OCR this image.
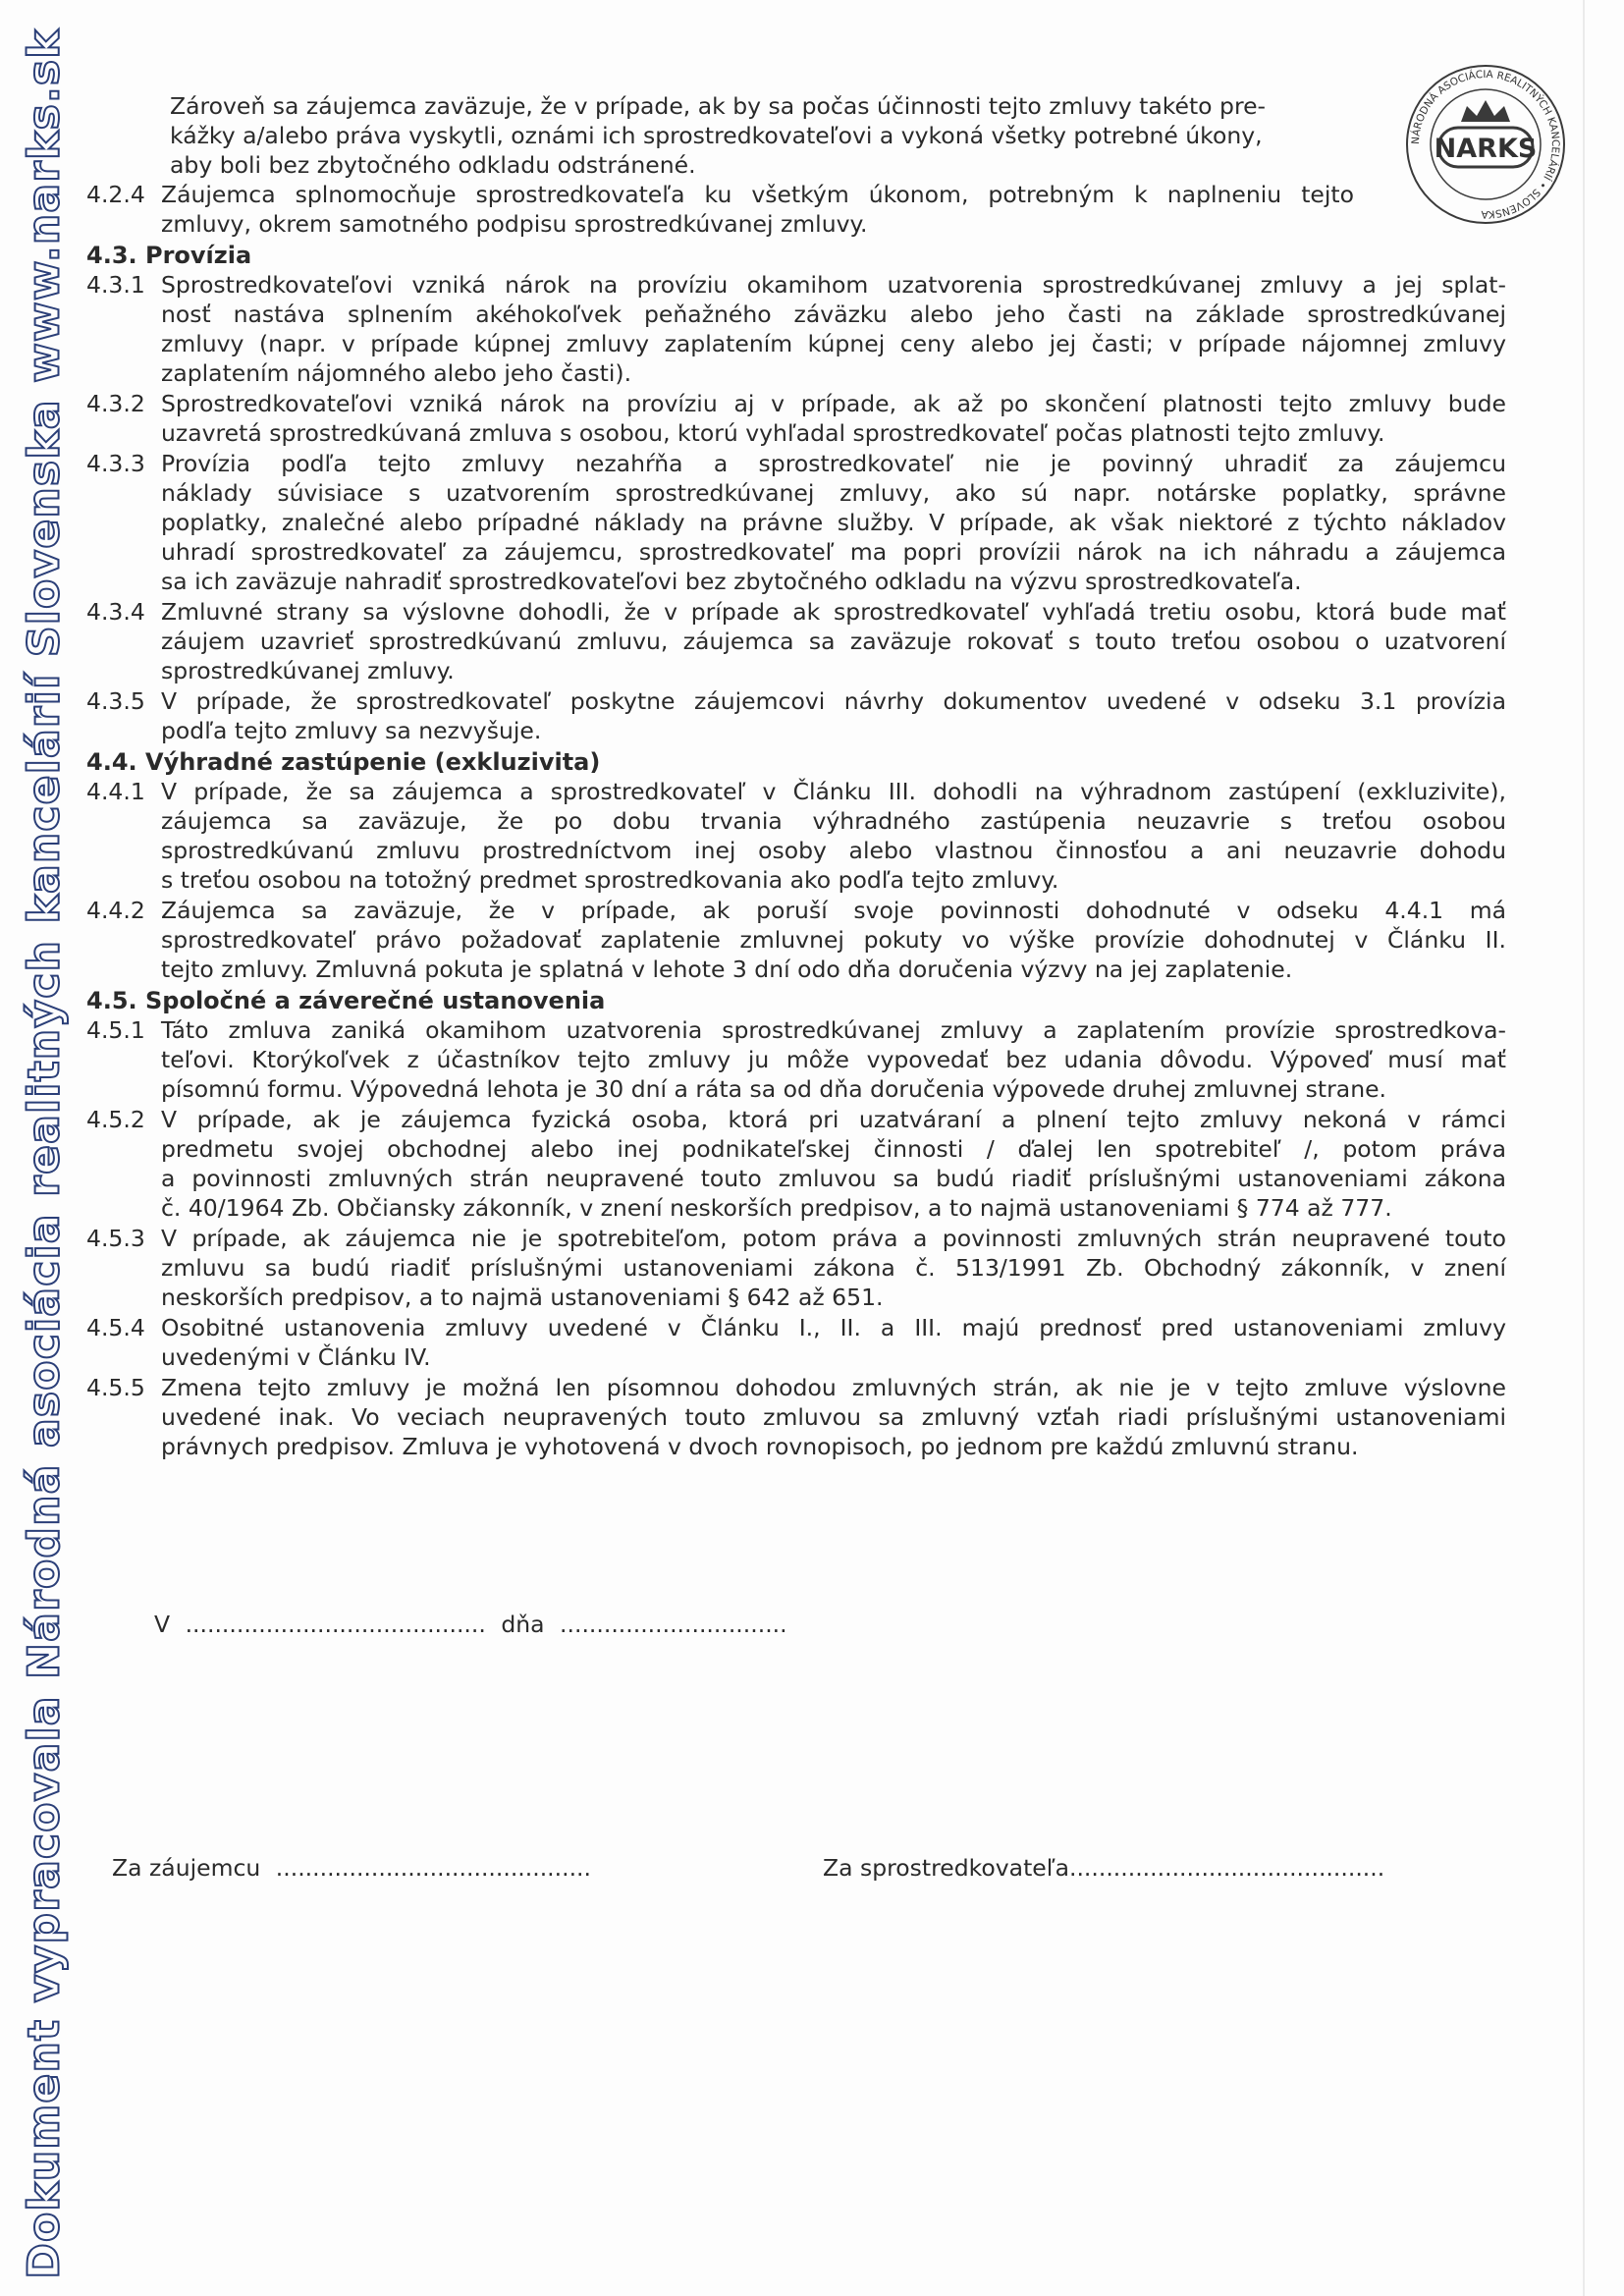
Dokument vypracovala Národná asociácia realitných kancelárií Slovenska www.narks.sk	NARKS
NÁRODNÁ ASOCIÁCIA REALITNÝCH KANCELÁRIÍ • SLOVENSKA
Zároveň sa záujemca zaväzuje, že v prípade, ak by sa počas účinnosti tejto zmluvy takéto pre-
kážky a/alebo práva vyskytli, oznámi ich sprostredkovateľovi a vykoná všetky potrebné úkony,
aby boli bez zbytočného odkladu odstránené.
4.2.4 Záujemca splnomocňuje sprostredkovateľa ku všetkým úkonom, potrebným k naplneniu tejto
zmluvy, okrem samotného podpisu sprostredkúvanej zmluvy.
4.3. Provízia
4.3.1 Sprostredkovateľovi vzniká nárok na províziu okamihom uzatvorenia sprostredkúvanej zmluvy a jej splat-
nosť nastáva splnením akéhokoľvek peňažného záväzku alebo jeho časti na základe sprostredkúvanej
zmluvy (napr. v prípade kúpnej zmluvy zaplatením kúpnej ceny alebo jej časti; v prípade nájomnej zmluvy
zaplatením nájomného alebo jeho časti).
4.3.2 Sprostredkovateľovi vzniká nárok na províziu aj v prípade, ak až po skončení platnosti tejto zmluvy bude
uzavretá sprostredkúvaná zmluva s osobou, ktorú vyhľadal sprostredkovateľ počas platnosti tejto zmluvy.
4.3.3 Provízia podľa tejto zmluvy nezahŕňa a sprostredkovateľ nie je povinný uhradiť za záujemcu
náklady súvisiace s uzatvorením sprostredkúvanej zmluvy, ako sú napr. notárske poplatky, správne
poplatky, znalečné alebo prípadné náklady na právne služby. V prípade, ak však niektoré z týchto nákladov
uhradí sprostredkovateľ za záujemcu, sprostredkovateľ ma popri provízii nárok na ich náhradu a záujemca
sa ich zaväzuje nahradiť sprostredkovateľovi bez zbytočného odkladu na výzvu sprostredkovateľa.
4.3.4 Zmluvné strany sa výslovne dohodli, že v prípade ak sprostredkovateľ vyhľadá tretiu osobu, ktorá bude mať
záujem uzavrieť sprostredkúvanú zmluvu, záujemca sa zaväzuje rokovať s touto treťou osobou o uzatvorení
sprostredkúvanej zmluvy.
4.3.5 V prípade, že sprostredkovateľ poskytne záujemcovi návrhy dokumentov uvedené v odseku 3.1 provízia
podľa tejto zmluvy sa nezvyšuje.
4.4. Výhradné zastúpenie (exkluzivita)
4.4.1 V prípade, že sa záujemca a sprostredkovateľ v Článku III. dohodli na výhradnom zastúpení (exkluzivite),
záujemca sa zaväzuje, že po dobu trvania výhradného zastúpenia neuzavrie s treťou osobou
sprostredkúvanú zmluvu prostredníctvom inej osoby alebo vlastnou činnosťou a ani neuzavrie dohodu
s treťou osobou na totožný predmet sprostredkovania ako podľa tejto zmluvy.
4.4.2 Záujemca sa zaväzuje, že v prípade, ak poruší svoje povinnosti dohodnuté v odseku 4.4.1 má
sprostredkovateľ právo požadovať zaplatenie zmluvnej pokuty vo výške provízie dohodnutej v Článku II.
tejto zmluvy. Zmluvná pokuta je splatná v lehote 3 dní odo dňa doručenia výzvy na jej zaplatenie.
4.5. Spoločné a záverečné ustanovenia
4.5.1 Táto zmluva zaniká okamihom uzatvorenia sprostredkúvanej zmluvy a zaplatením provízie sprostredkova-
teľovi. Ktorýkoľvek z účastníkov tejto zmluvy ju môže vypovedať bez udania dôvodu. Výpoveď musí mať
písomnú formu. Výpovedná lehota je 30 dní a ráta sa od dňa doručenia výpovede druhej zmluvnej strane.
4.5.2 V prípade, ak je záujemca fyzická osoba, ktorá pri uzatváraní a plnení tejto zmluvy nekoná v rámci
predmetu svojej obchodnej alebo inej podnikateľskej činnosti / ďalej len spotrebiteľ /, potom práva
a povinnosti zmluvných strán neupravené touto zmluvou sa budú riadiť príslušnými ustanoveniami zákona
č. 40/1964 Zb. Občiansky zákonník, v znení neskorších predpisov, a to najmä ustanoveniami § 774 až 777.
4.5.3 V prípade, ak záujemca nie je spotrebiteľom, potom práva a povinnosti zmluvných strán neupravené touto
zmluvu sa budú riadiť príslušnými ustanoveniami zákona č. 513/1991 Zb. Obchodný zákonník, v znení
neskorších predpisov, a to najmä ustanoveniami § 642 až 651.
4.5.4 Osobitné ustanovenia zmluvy uvedené v Článku I., II. a III. majú prednosť pred ustanoveniami zmluvy
uvedenými v Článku IV.
4.5.5 Zmena tejto zmluvy je možná len písomnou dohodou zmluvných strán, ak nie je v tejto zmluve výslovne
uvedené inak. Vo veciach neupravených touto zmluvou sa zmluvný vzťah riadi príslušnými ustanoveniami
právnych predpisov. Zmluva je vyhotovená v dvoch rovnopisoch, po jednom pre každú zmluvnú stranu.
V ......................................... dňa ...............................
Za záujemcu ...........................................	Za sprostredkovateľa...........................................
